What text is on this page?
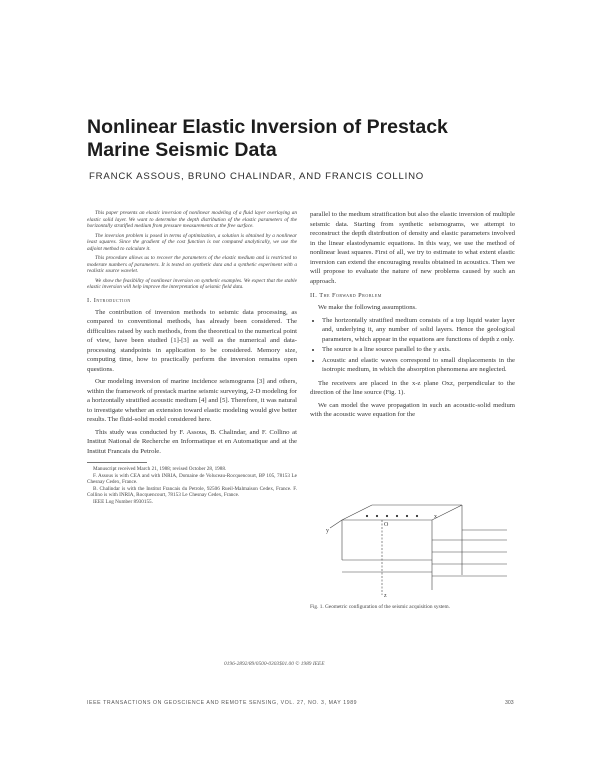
Nonlinear Elastic Inversion of Prestack Marine Seismic Data
FRANCK ASSOUS, BRUNO CHALINDAR, AND FRANCIS COLLINO

This paper presents an elastic inversion of nonlinear modeling of a fluid layer overlaying an elastic solid layer. We want to determine the depth distribution of the elastic parameters of the horizontally stratified medium from pressure measurements at the free surface.

The inversion problem is posed in terms of optimization, a solution is obtained by a nonlinear least squares. Since the gradient of the cost function is not computed analytically, we use the adjoint method to calculate it.

This procedure allows us to recover the parameters of the elastic medium and is restricted to moderate numbers of parameters. It is tested on synthetic data and a synthetic experiment with a realistic source wavelet.

We show the feasibility of nonlinear inversion on synthetic examples. We expect that the stable elastic inversion will help improve the interpretation of seismic field data.

I. Introduction

The contribution of inversion methods to seismic data processing, as compared to conventional methods, has already been considered. The difficulties raised by such methods, from the theoretical to the numerical point of view, have been studied [1]-[3] as well as the numerical and data-processing standpoints in application to be considered. Memory size, computing time, how to practically perform the inversion remains open questions.

Our modeling inversion of marine incidence seismograms [3] and others, within the framework of prestack marine seismic surveying, 2-D modeling for a horizontally stratified acoustic medium [4] and [5]. Therefore, it was natural to investigate whether an extension toward elastic modeling would give better results. The fluid-solid model considered here.

This study was conducted by F. Assous, B. Chalindar, and F. Collino at Institut National de Recherche en Informatique et en Automatique and at the Institut Francais du Petrole.

Manuscript received March 21, 1988; revised October 28, 1988.

F. Assous is with CEA and with INRIA, Domaine de Voluceau-Rocquencourt, BP 105, 78153 Le Chesnay Cedex, France.

B. Chalindar is with the Institut Francais du Petrole, 92506 Rueil-Malmaison Cedex, France. F. Collino is with INRIA, Rocquencourt, 78153 Le Chesnay Cedex, France.

IEEE Log Number 8930155.

parallel to the medium stratification but also the elastic inversion of multiple seismic data. Starting from synthetic seismograms, we attempt to reconstruct the depth distribution of density and elastic parameters involved in the linear elastodynamic equations. In this way, we use the method of nonlinear least squares. First of all, we try to estimate to what extent elastic inversion can extend the encouraging results obtained in acoustics. Then we will propose to evaluate the nature of new problems caused by such an approach.

II. The Forward Problem

We make the following assumptions.

• The horizontally stratified medium consists of a top liquid water layer and, underlying it, any number of solid layers. Hence the geological parameters, which appear in the equations are functions of depth z only.
• The source is a line source parallel to the y axis.
• Acoustic and elastic waves correspond to small displacements in the isotropic medium, in which the absorption phenomena are neglected.

The receivers are placed in the x-z plane Oxz, perpendicular to the direction of the line source (Fig. 1).

We can model the wave propagation in such an acoustic-solid medium with the acoustic wave equation for the

O
x
y
z
Fig. 1. Geometric configuration of the seismic acquisition system.
0196-2892/89/0500-0303$01.00 © 1989 IEEE
IEEE TRANSACTIONS ON GEOSCIENCE AND REMOTE SENSING, VOL. 27, NO. 3, MAY 1989	303
